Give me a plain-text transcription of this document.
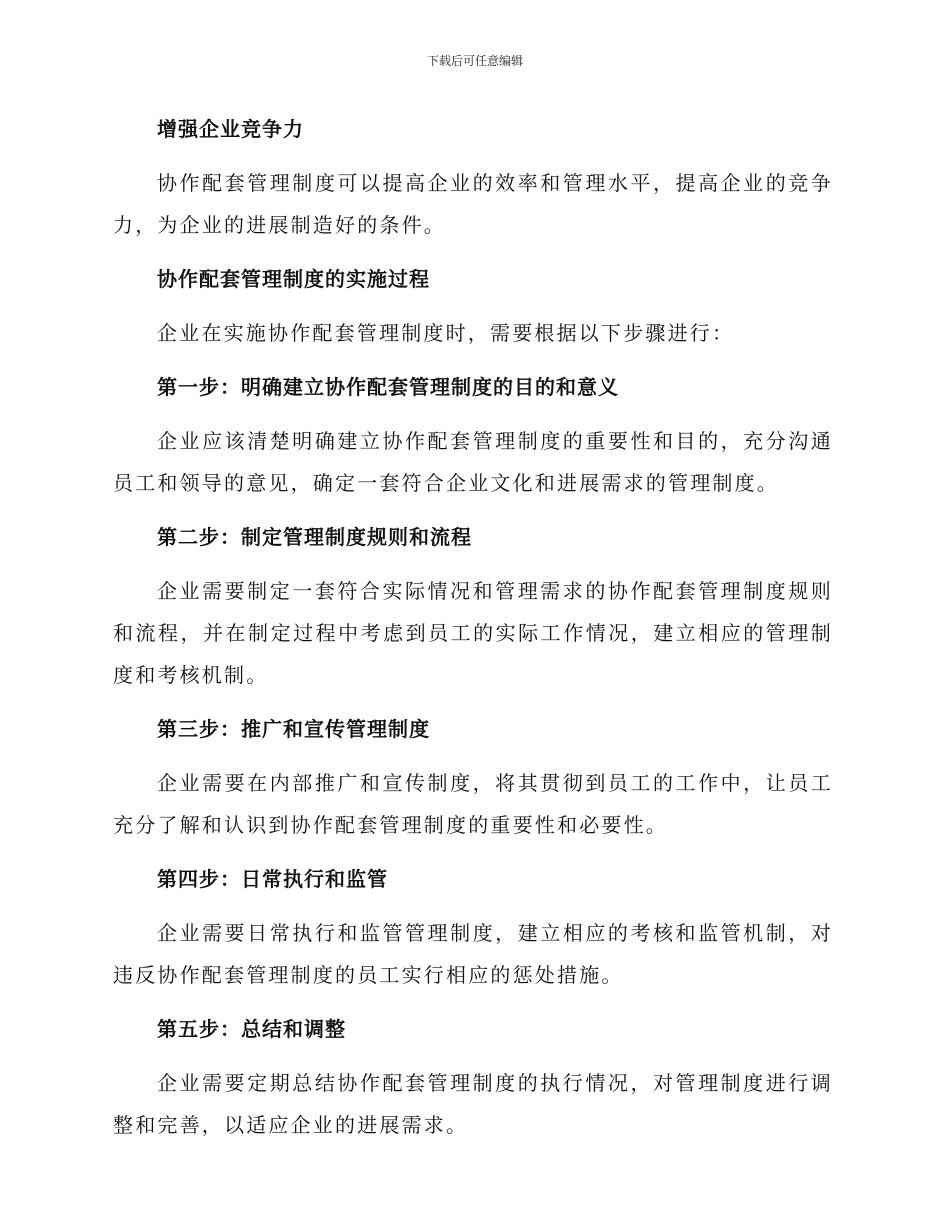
下载后可任意编辑
增强企业竞争力

协作配套管理制度可以提高企业的效率和管理水平，提高企业的竞争力，为企业的进展制造好的条件。

协作配套管理制度的实施过程

企业在实施协作配套管理制度时，需要根据以下步骤进行：

第一步：明确建立协作配套管理制度的目的和意义

企业应该清楚明确建立协作配套管理制度的重要性和目的，充分沟通员工和领导的意见，确定一套符合企业文化和进展需求的管理制度。

第二步：制定管理制度规则和流程

企业需要制定一套符合实际情况和管理需求的协作配套管理制度规则和流程，并在制定过程中考虑到员工的实际工作情况，建立相应的管理制度和考核机制。

第三步：推广和宣传管理制度

企业需要在内部推广和宣传制度，将其贯彻到员工的工作中，让员工充分了解和认识到协作配套管理制度的重要性和必要性。

第四步：日常执行和监管

企业需要日常执行和监管管理制度，建立相应的考核和监管机制，对违反协作配套管理制度的员工实行相应的惩处措施。

第五步：总结和调整

企业需要定期总结协作配套管理制度的执行情况，对管理制度进行调整和完善，以适应企业的进展需求。
